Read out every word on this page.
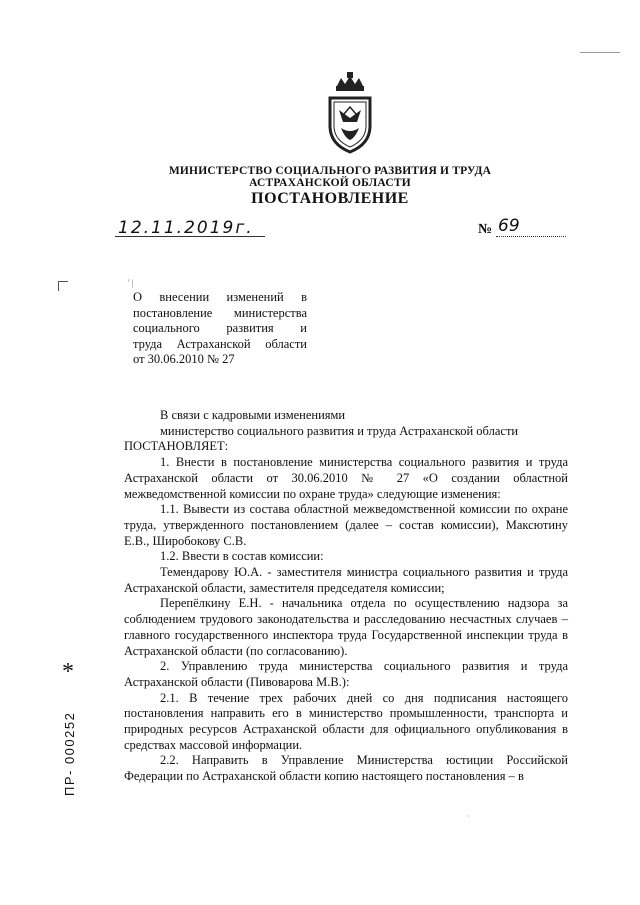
МИНИСТЕРСТВО СОЦИАЛЬНОГО РАЗВИТИЯ И ТРУДА
АСТРАХАНСКОЙ ОБЛАСТИ
ПОСТАНОВЛЕНИЕ
12.11.2019г.	№ 69
' |
О внесении изменений в
постановление министерства
социального развития и
труда Астраханской области
от 30.06.2010 № 27

В связи с кадровыми изменениями

министерство социального развития и труда Астраханской области

ПОСТАНОВЛЯЕТ:

1. Внести в постановление министерства социального развития и труда Астраханской области от 30.06.2010 № 27 «О создании областной межведомственной комиссии по охране труда» следующие изменения:

1.1. Вывести из состава областной межведомственной комиссии по охране труда, утвержденного постановлением (далее – состав комиссии), Максютину Е.В., Широбокову С.В.

1.2. Ввести в состав комиссии:

Темендарову Ю.А. - заместителя министра социального развития и труда Астраханской области, заместителя председателя комиссии;

Перепёлкину Е.Н. - начальника отдела по осуществлению надзора за соблюдением трудового законодательства и расследованию несчастных случаев – главного государственного инспектора труда Государственной инспекции труда в Астраханской области (по согласованию).

2. Управлению труда министерства социального развития и труда Астраханской области (Пивоварова М.В.):

2.1. В течение трех рабочих дней со дня подписания настоящего постановления направить его в министерство промышленности, транспорта и природных ресурсов Астраханской области для официального опубликования в средствах массовой информации.

2.2. Направить в Управление Министерства юстиции Российской Федерации по Астраханской области копию настоящего постановления – в

*
ПР- 000252
·
